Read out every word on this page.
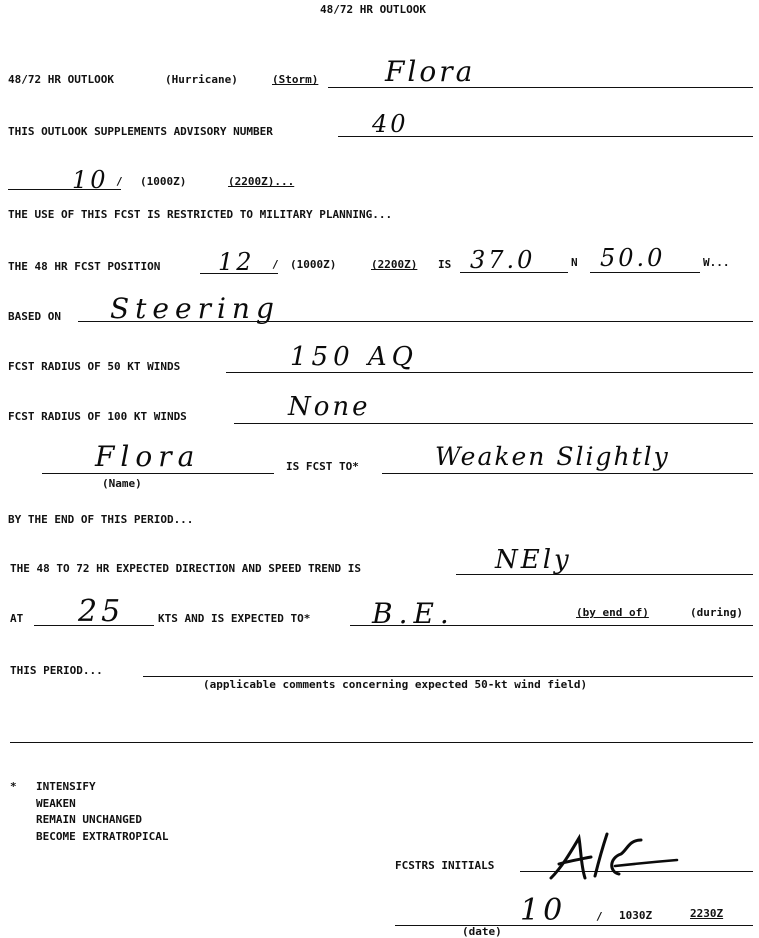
48/72 HR OUTLOOK
48/72 HR OUTLOOK	(Hurricane)	(Storm) Flora
THIS OUTLOOK SUPPLEMENTS ADVISORY NUMBER	40
10 / (1000Z)	(2200Z)...
THE USE OF THIS FCST IS RESTRICTED TO MILITARY PLANNING...
THE 48 HR FCST POSITION 12 / (1000Z)	(2200Z) IS 37.0	N 50.0	W...
BASED ON Steering
FCST RADIUS OF 50 KT WINDS	150 AQ
FCST RADIUS OF 100 KT WINDS	None
Flora
(Name)
IS FCST TO*	Weaken Slightly
BY THE END OF THIS PERIOD...
THE 48 TO 72 HR EXPECTED DIRECTION AND SPEED TREND IS	NEly
AT 25	KTS AND IS EXPECTED TO* B.E.	(by end of)	(during)
THIS PERIOD...
(applicable comments concerning expected 50-kt wind field)
* INTENSIFY
WEAKEN
REMAIN UNCHANGED
BECOME EXTRATROPICAL
FCSTRS INITIALS
10	/ 1030Z	2230Z
(date)
